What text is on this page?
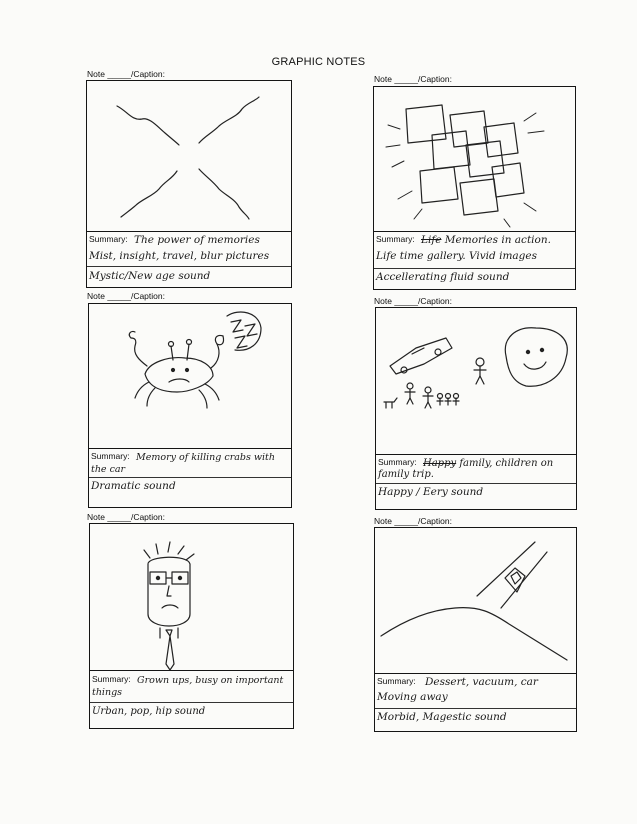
GRAPHIC NOTES
Note _____/Caption:	Note _____/Caption:
Summary: The power of memories
Mist, insight, travel, blur pictures
Mystic/New age sound
Summary: Life Memories in action.
Life time gallery. Vivid images
Accellerating fluid sound
Note _____/Caption:	Note _____/Caption:
Summary: Memory of killing crabs with
the car
Dramatic sound
Summary: Happy family, children on
family trip.
Happy / Eery sound
Note _____/Caption:	Note _____/Caption:
Summary: Grown ups, busy on important
things
Urban, pop, hip sound
Summary: Dessert, vacuum, car
Moving away
Morbid, Magestic sound
